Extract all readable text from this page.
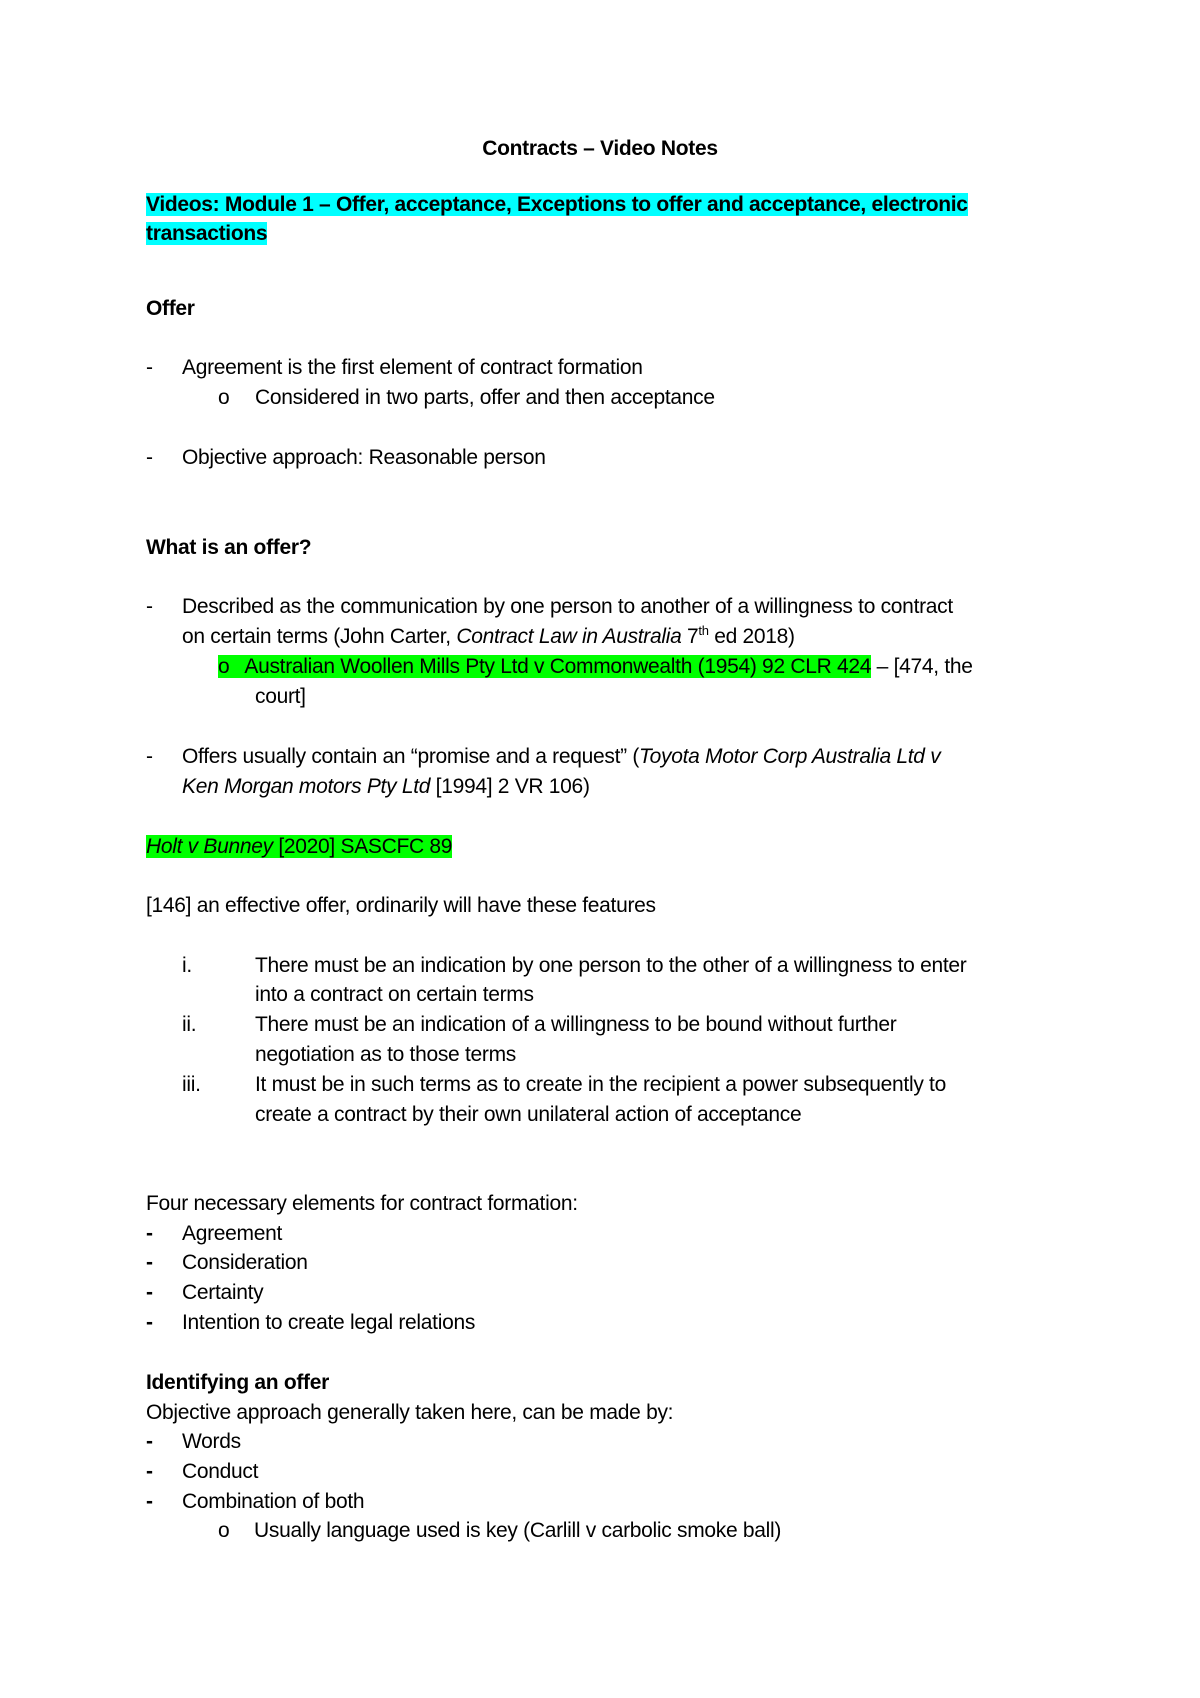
Contracts – Video Notes
Videos: Module 1 – Offer, acceptance, Exceptions to offer and acceptance, electronic
transactions
Offer
- Agreement is the first element of contract formation
o Considered in two parts, offer and then acceptance
- Objective approach: Reasonable person
What is an offer?
- Described as the communication by one person to another of a willingness to contract
on certain terms (John Carter, Contract Law in Australia 7th ed 2018)
o Australian Woollen Mills Pty Ltd v Commonwealth (1954) 92 CLR 424 – [474, the
court]
- Offers usually contain an “promise and a request” (Toyota Motor Corp Australia Ltd v
Ken Morgan motors Pty Ltd [1994] 2 VR 106)
Holt v Bunney [2020] SASCFC 89
[146] an effective offer, ordinarily will have these features
i.	There must be an indication by one person to the other of a willingness to enter
into a contract on certain terms
ii.	There must be an indication of a willingness to be bound without further
negotiation as to those terms
iii.	It must be in such terms as to create in the recipient a power subsequently to
create a contract by their own unilateral action of acceptance
Four necessary elements for contract formation:
- Agreement
- Consideration
- Certainty
- Intention to create legal relations
Identifying an offer
Objective approach generally taken here, can be made by:
- Words
- Conduct
- Combination of both
o Usually language used is key (Carlill v carbolic smoke ball)
